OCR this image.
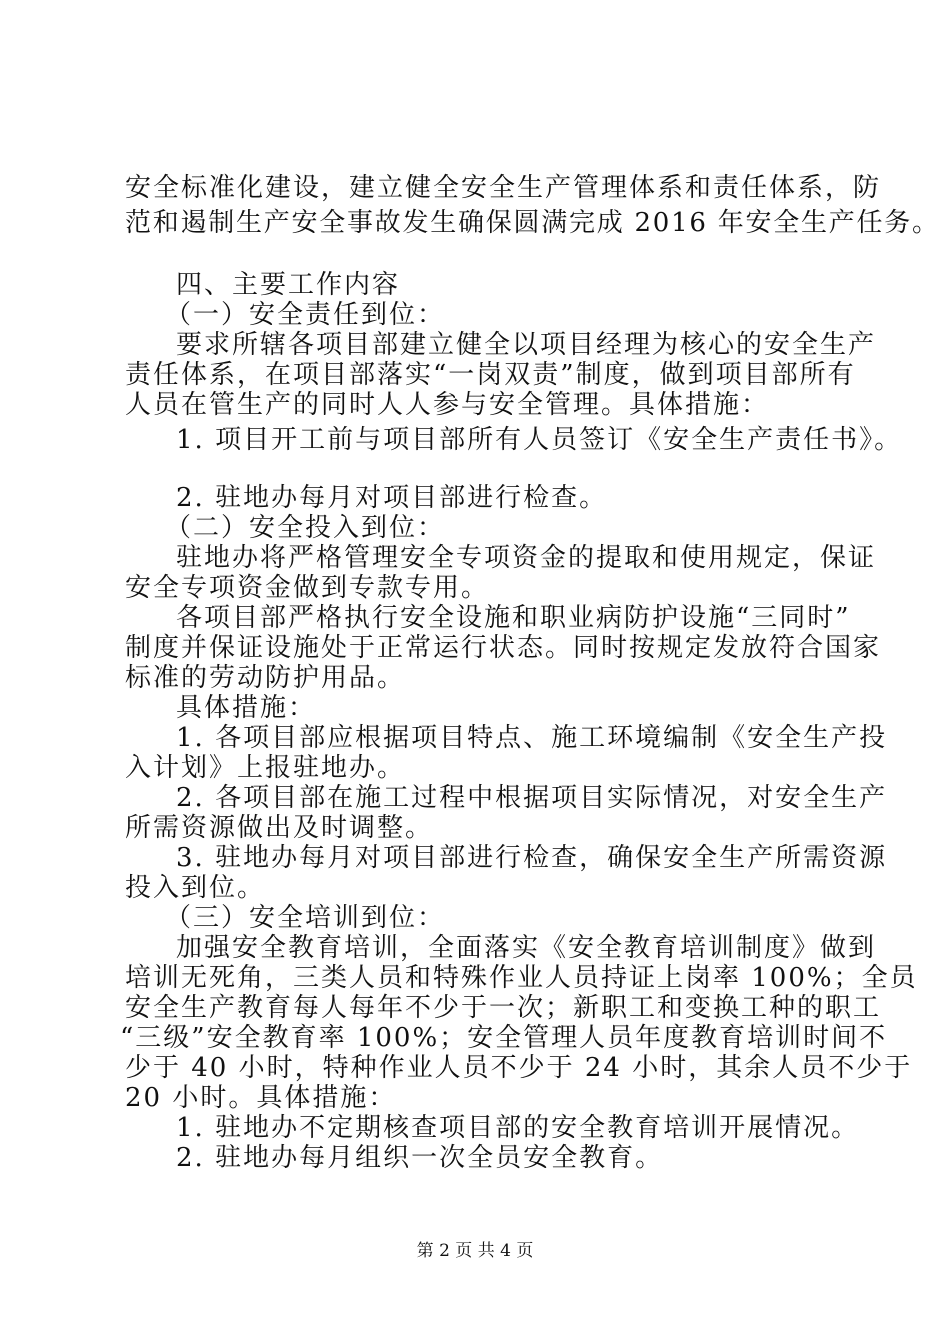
安全标准化建设，建立健全安全生产管理体系和责任体系，防
范和遏制生产安全事故发生确保圆满完成 2016 年安全生产任务。
四、主要工作内容
（一）安全责任到位：
要求所辖各项目部建立健全以项目经理为核心的安全生产
责任体系，在项目部落实“一岗双责”制度，做到项目部所有
人员在管生产的同时人人参与安全管理。具体措施：
1. 项目开工前与项目部所有人员签订《安全生产责任书》。
2. 驻地办每月对项目部进行检查。
（二）安全投入到位：
驻地办将严格管理安全专项资金的提取和使用规定，保证
安全专项资金做到专款专用。
各项目部严格执行安全设施和职业病防护设施“三同时”
制度并保证设施处于正常运行状态。同时按规定发放符合国家
标准的劳动防护用品。
具体措施：
1. 各项目部应根据项目特点、施工环境编制《安全生产投
入计划》上报驻地办。
2. 各项目部在施工过程中根据项目实际情况，对安全生产
所需资源做出及时调整。
3. 驻地办每月对项目部进行检查，确保安全生产所需资源
投入到位。
（三）安全培训到位：
加强安全教育培训，全面落实《安全教育培训制度》做到
培训无死角，三类人员和特殊作业人员持证上岗率 100%；全员
安全生产教育每人每年不少于一次；新职工和变换工种的职工
“三级”安全教育率 100%；安全管理人员年度教育培训时间不
少于 40 小时，特种作业人员不少于 24 小时，其余人员不少于
20 小时。具体措施：
1. 驻地办不定期核查项目部的安全教育培训开展情况。
2. 驻地办每月组织一次全员安全教育。
第 2 页 共 4 页
